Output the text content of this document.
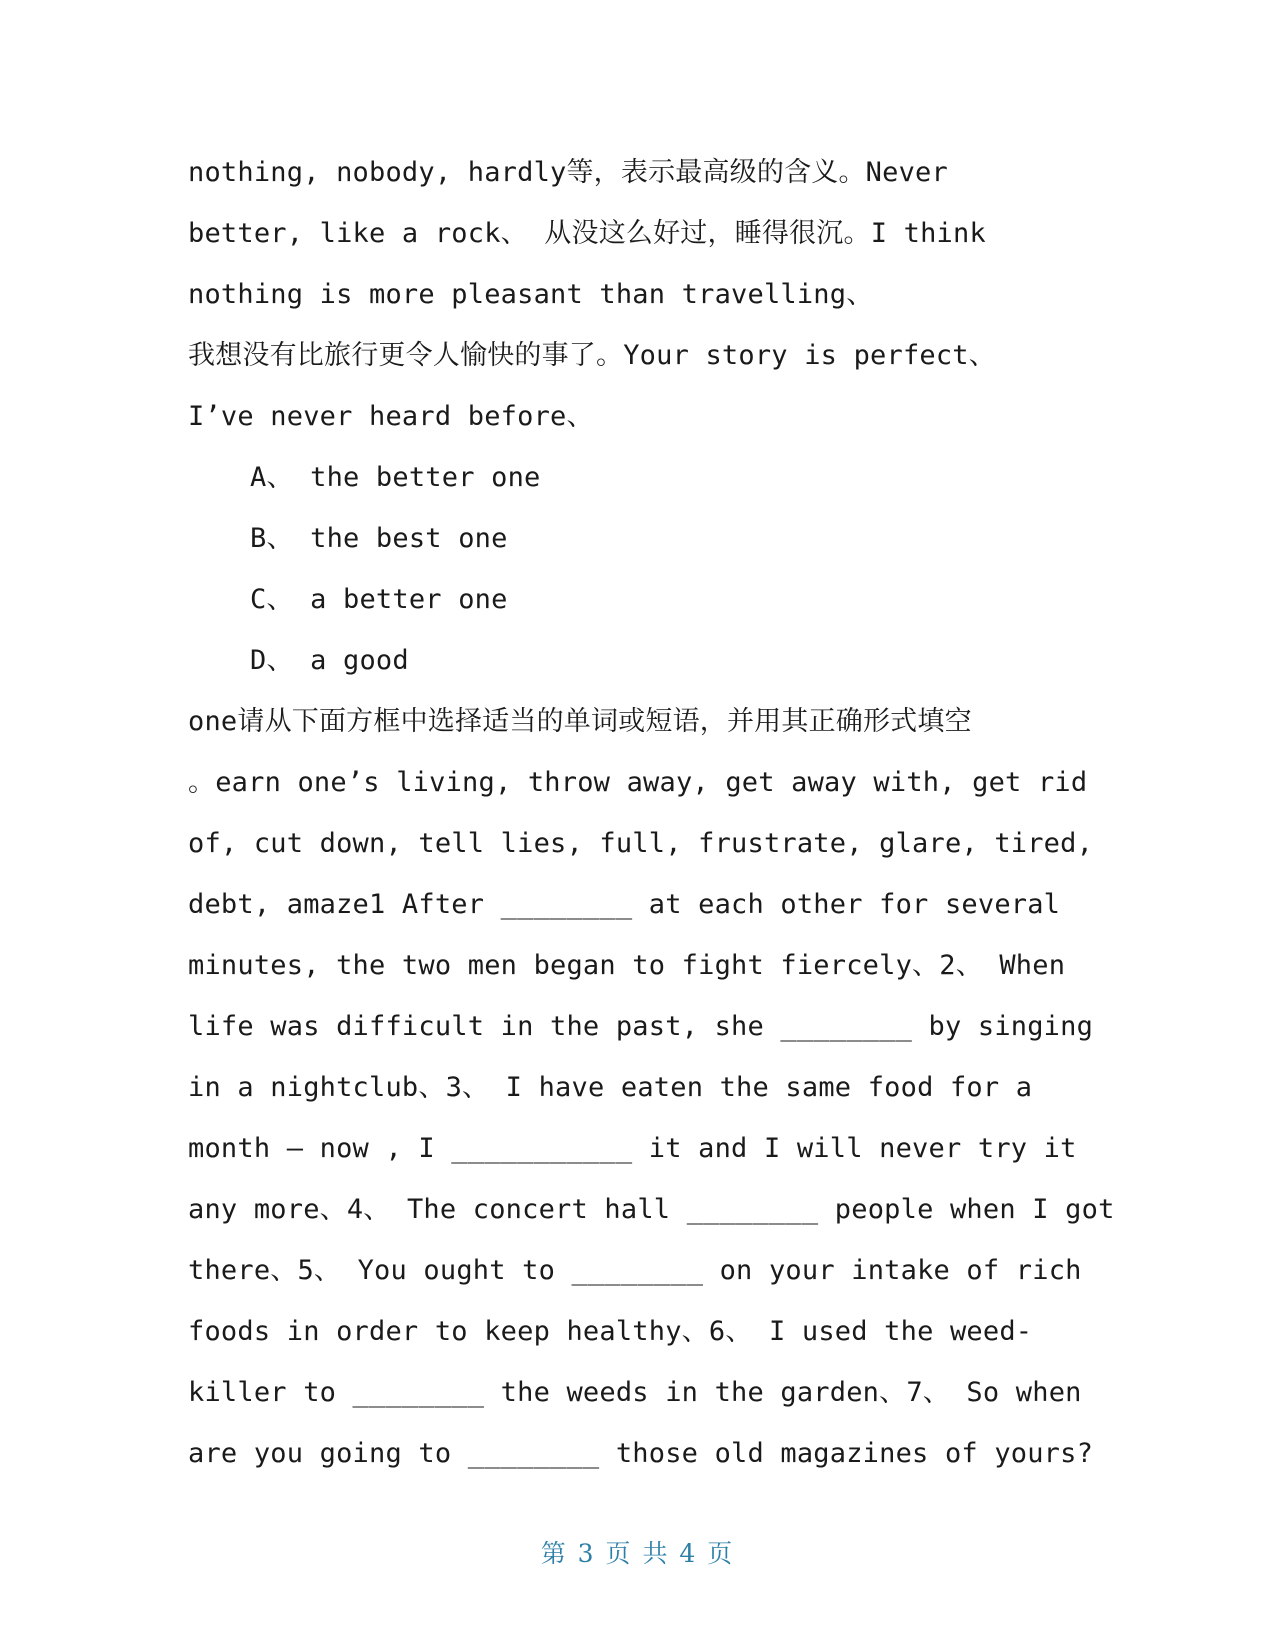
nothing, nobody, hardly等，表示最高级的含义。Never
better, like a rock、 从没这么好过，睡得很沉。I think
nothing is more pleasant than travelling、
我想没有比旅行更令人愉快的事了。Your story is perfect、
I’ve never heard before、
A、 the better one
B、 the best one
C、 a better one
D、 a good
one请从下面方框中选择适当的单词或短语，并用其正确形式填空
。earn one’s living, throw away, get away with, get rid
of, cut down, tell lies, full, frustrate, glare, tired,
debt, amaze1 After ________ at each other for several
minutes, the two men began to fight fiercely、2、 When
life was difficult in the past, she ________ by singing
in a nightclub、3、 I have eaten the same food for a
month — now , I ___________ it and I will never try it
any more、4、 The concert hall ________ people when I got
there、5、 You ought to ________ on your intake of rich
foods in order to keep healthy、6、 I used the weed-
killer to ________ the weeds in the garden、7、 So when
are you going to ________ those old magazines of yours?
第 3 页 共 4 页
